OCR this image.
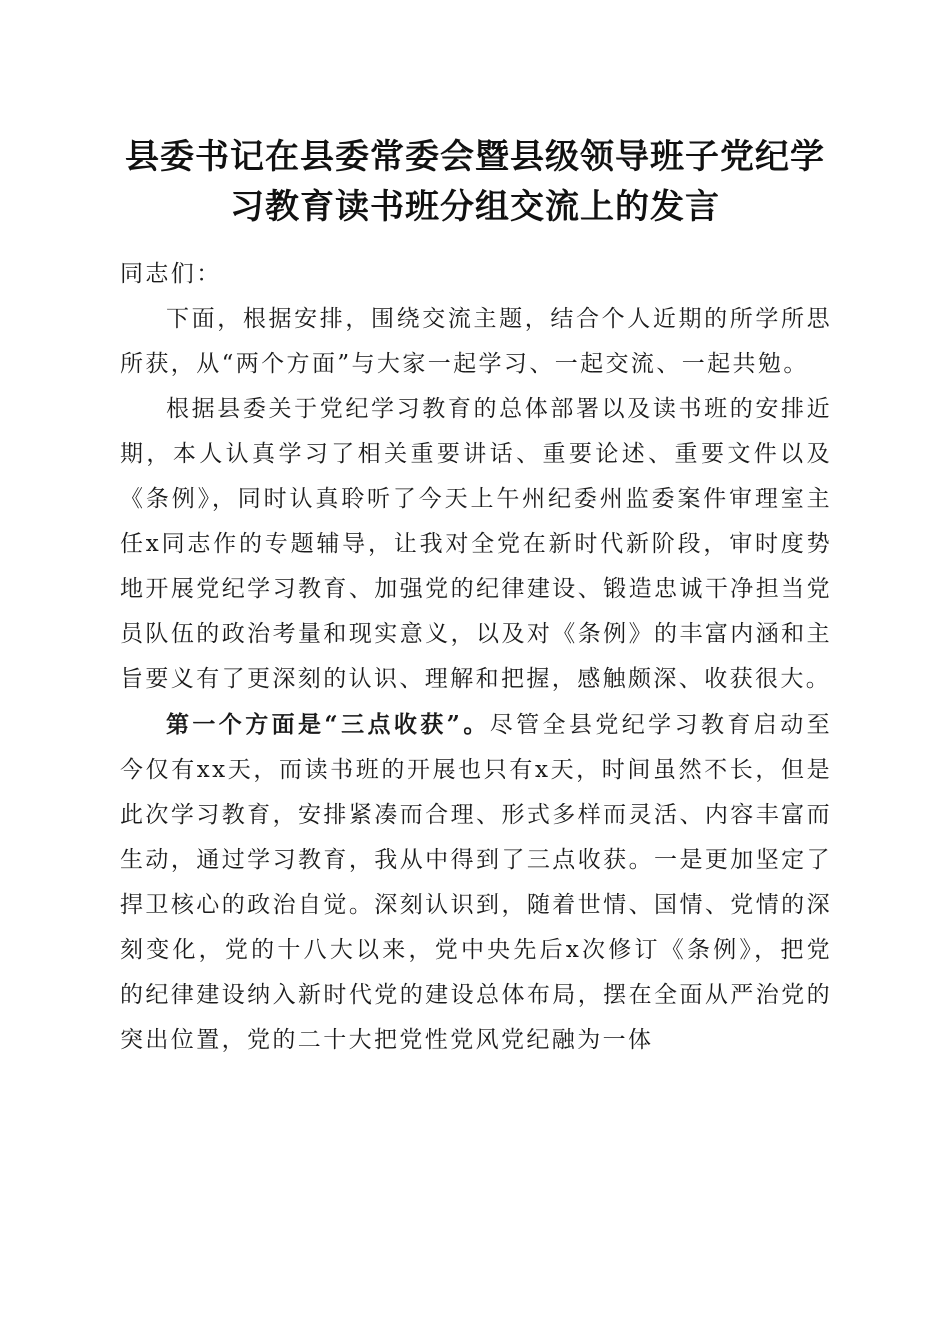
县委书记在县委常委会暨县级领导班子党纪学
习教育读书班分组交流上的发言

同志们：

下面，根据安排，围绕交流主题，结合个人近期的所学所思所获，从“两个方面”与大家一起学习、一起交流、一起共勉。

根据县委关于党纪学习教育的总体部署以及读书班的安排近期，本人认真学习了相关重要讲话、重要论述、重要文件以及《条例》，同时认真聆听了今天上午州纪委州监委案件审理室主任x同志作的专题辅导，让我对全党在新时代新阶段，审时度势地开展党纪学习教育、加强党的纪律建设、锻造忠诚干净担当党员队伍的政治考量和现实意义，以及对《条例》的丰富内涵和主旨要义有了更深刻的认识、理解和把握，感触颇深、收获很大。

第一个方面是“三点收获”。尽管全县党纪学习教育启动至今仅有xx天，而读书班的开展也只有x天，时间虽然不长，但是此次学习教育，安排紧凑而合理、形式多样而灵活、内容丰富而生动，通过学习教育，我从中得到了三点收获。一是更加坚定了捍卫核心的政治自觉。深刻认识到，随着世情、国情、党情的深刻变化，党的十八大以来，党中央先后x次修订《条例》，把党的纪律建设纳入新时代党的建设总体布局，摆在全面从严治党的突出位置，党的二十大把党性党风党纪融为一体
